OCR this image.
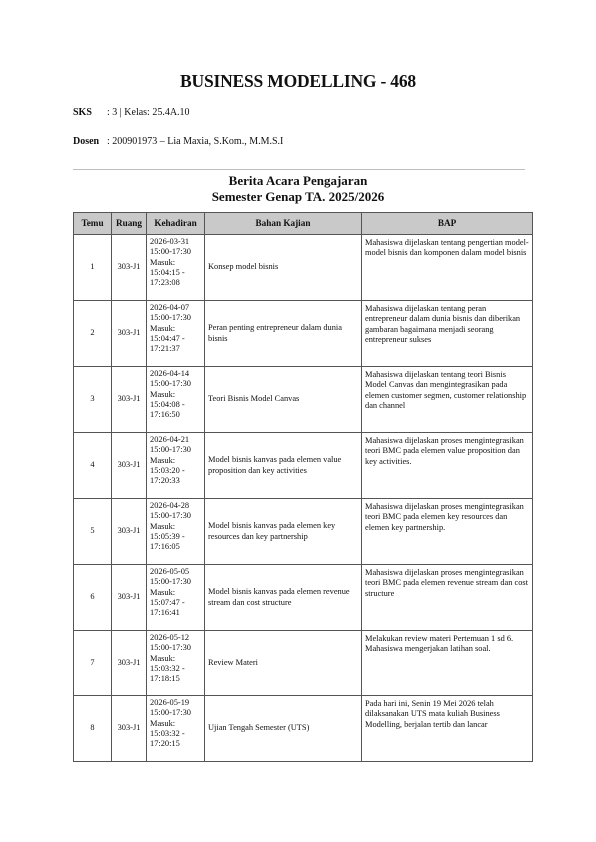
BUSINESS MODELLING - 468
SKS : 3 | Kelas: 25.4A.10
Dosen : 200901973 – Lia Maxia, S.Kom., M.M.S.I
Berita Acara Pengajaran
Semester Genap TA. 2025/2026
Temu	Ruang	Kehadiran	Bahan Kajian	BAP
1	303-J1	2026-03-31
15:00-17:30
Masuk:
15:04:15 -
17:23:08	Konsep model bisnis	Mahasiswa dijelaskan tentang pengertian model-model bisnis dan komponen dalam model bisnis
2	303-J1	2026-04-07
15:00-17:30
Masuk:
15:04:47 -
17:21:37	Peran penting entrepreneur dalam dunia bisnis	Mahasiswa dijelaskan tentang peran entrepreneur dalam dunia bisnis dan diberikan gambaran bagaimana menjadi seorang entrepreneur sukses
3	303-J1	2026-04-14
15:00-17:30
Masuk:
15:04:08 -
17:16:50	Teori Bisnis Model Canvas	Mahasiswa dijelaskan tentang teori Bisnis Model Canvas dan mengintegrasikan pada elemen customer segmen, customer relationship dan channel
4	303-J1	2026-04-21
15:00-17:30
Masuk:
15:03:20 -
17:20:33	Model bisnis kanvas pada elemen value proposition dan key activities	Mahasiswa dijelaskan proses mengintegrasikan teori BMC pada elemen value proposition dan key activities.
5	303-J1	2026-04-28
15:00-17:30
Masuk:
15:05:39 -
17:16:05	Model bisnis kanvas pada elemen key resources dan key partnership	Mahasiswa dijelaskan proses mengintegrasikan teori BMC pada elemen key resources dan elemen key partnership.
6	303-J1	2026-05-05
15:00-17:30
Masuk:
15:07:47 -
17:16:41	Model bisnis kanvas pada elemen revenue stream dan cost structure	Mahasiswa dijelaskan proses mengintegrasikan teori BMC pada elemen revenue stream dan cost structure
7	303-J1	2026-05-12
15:00-17:30
Masuk:
15:03:32 -
17:18:15	Review Materi	Melakukan review materi Pertemuan 1 sd 6. Mahasiswa mengerjakan latihan soal.
8	303-J1	2026-05-19
15:00-17:30
Masuk:
15:03:32 -
17:20:15	Ujian Tengah Semester (UTS)	Pada hari ini, Senin 19 Mei 2026 telah dilaksanakan UTS mata kuliah Business Modelling, berjalan tertib dan lancar
